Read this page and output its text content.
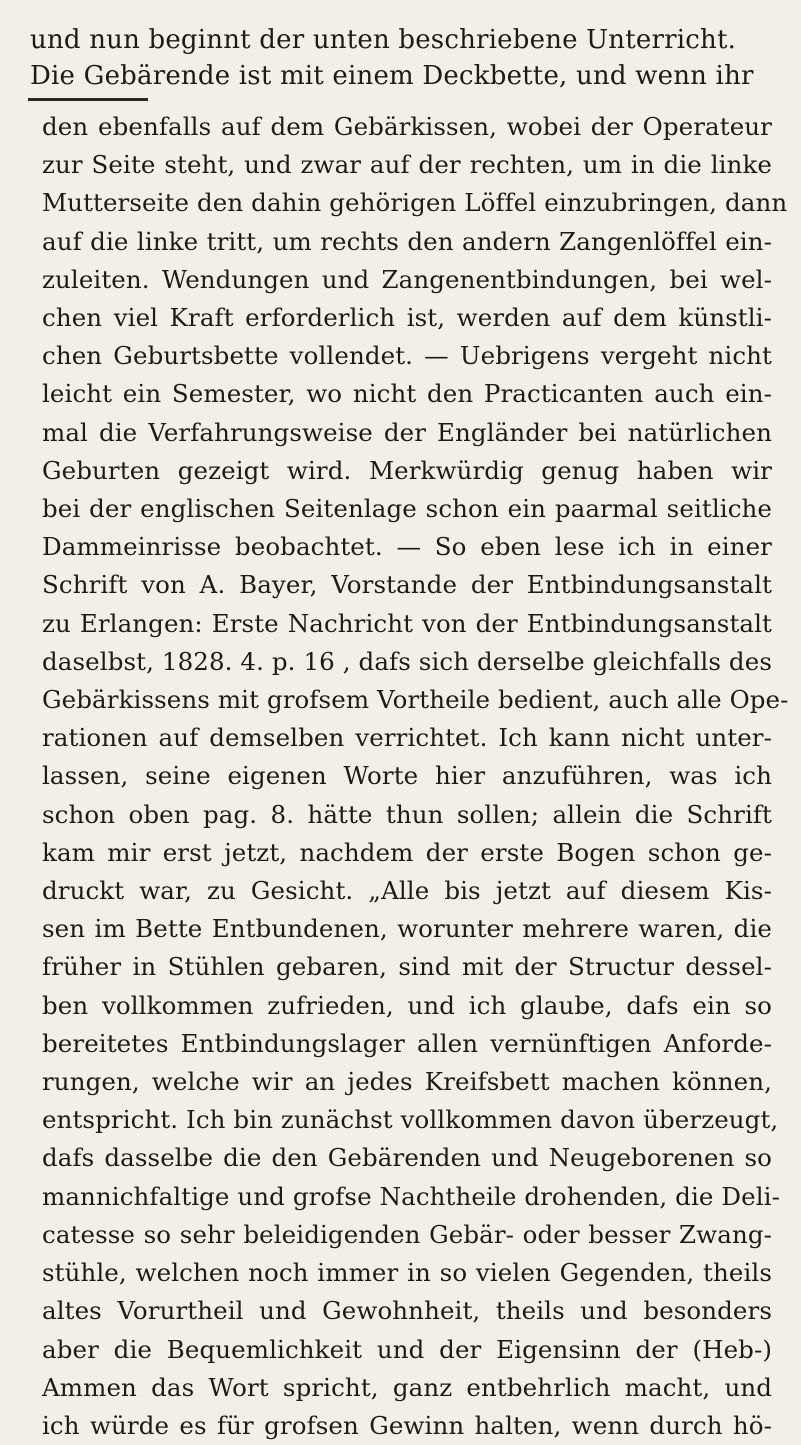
und nun beginnt der unten beschriebene Unterricht.
Die Gebärende ist mit einem Deckbette, und wenn ihr
den ebenfalls auf dem Gebärkissen, wobei der Operateur
zur Seite steht, und zwar auf der rechten, um in die linke
Mutterseite den dahin gehörigen Löffel einzubringen, dann
auf die linke tritt, um rechts den andern Zangenlöffel ein-
zuleiten. Wendungen und Zangenentbindungen, bei wel-
chen viel Kraft erforderlich ist, werden auf dem künstli-
chen Geburtsbette vollendet. — Uebrigens vergeht nicht
leicht ein Semester, wo nicht den Practicanten auch ein-
mal die Verfahrungsweise der Engländer bei natürlichen
Geburten gezeigt wird. Merkwürdig genug haben wir
bei der englischen Seitenlage schon ein paarmal seitliche
Dammeinrisse beobachtet. — So eben lese ich in einer
Schrift von A. Bayer, Vorstande der Entbindungsanstalt
zu Erlangen: Erste Nachricht von der Entbindungsanstalt
daselbst, 1828. 4. p. 16 , dafs sich derselbe gleichfalls des
Gebärkissens mit grofsem Vortheile bedient, auch alle Ope-
rationen auf demselben verrichtet. Ich kann nicht unter-
lassen, seine eigenen Worte hier anzuführen, was ich
schon oben pag. 8. hätte thun sollen; allein die Schrift
kam mir erst jetzt, nachdem der erste Bogen schon ge-
druckt war, zu Gesicht. „Alle bis jetzt auf diesem Kis-
sen im Bette Entbundenen, worunter mehrere waren, die
früher in Stühlen gebaren, sind mit der Structur dessel-
ben vollkommen zufrieden, und ich glaube, dafs ein so
bereitetes Entbindungslager allen vernünftigen Anforde-
rungen, welche wir an jedes Kreifsbett machen können,
entspricht. Ich bin zunächst vollkommen davon überzeugt,
dafs dasselbe die den Gebärenden und Neugeborenen so
mannichfaltige und grofse Nachtheile drohenden, die Deli-
catesse so sehr beleidigenden Gebär- oder besser Zwang-
stühle, welchen noch immer in so vielen Gegenden, theils
altes Vorurtheil und Gewohnheit, theils und besonders
aber die Bequemlichkeit und der Eigensinn der (Heb-)
Ammen das Wort spricht, ganz entbehrlich macht, und
ich würde es für grofsen Gewinn halten, wenn durch hö-
